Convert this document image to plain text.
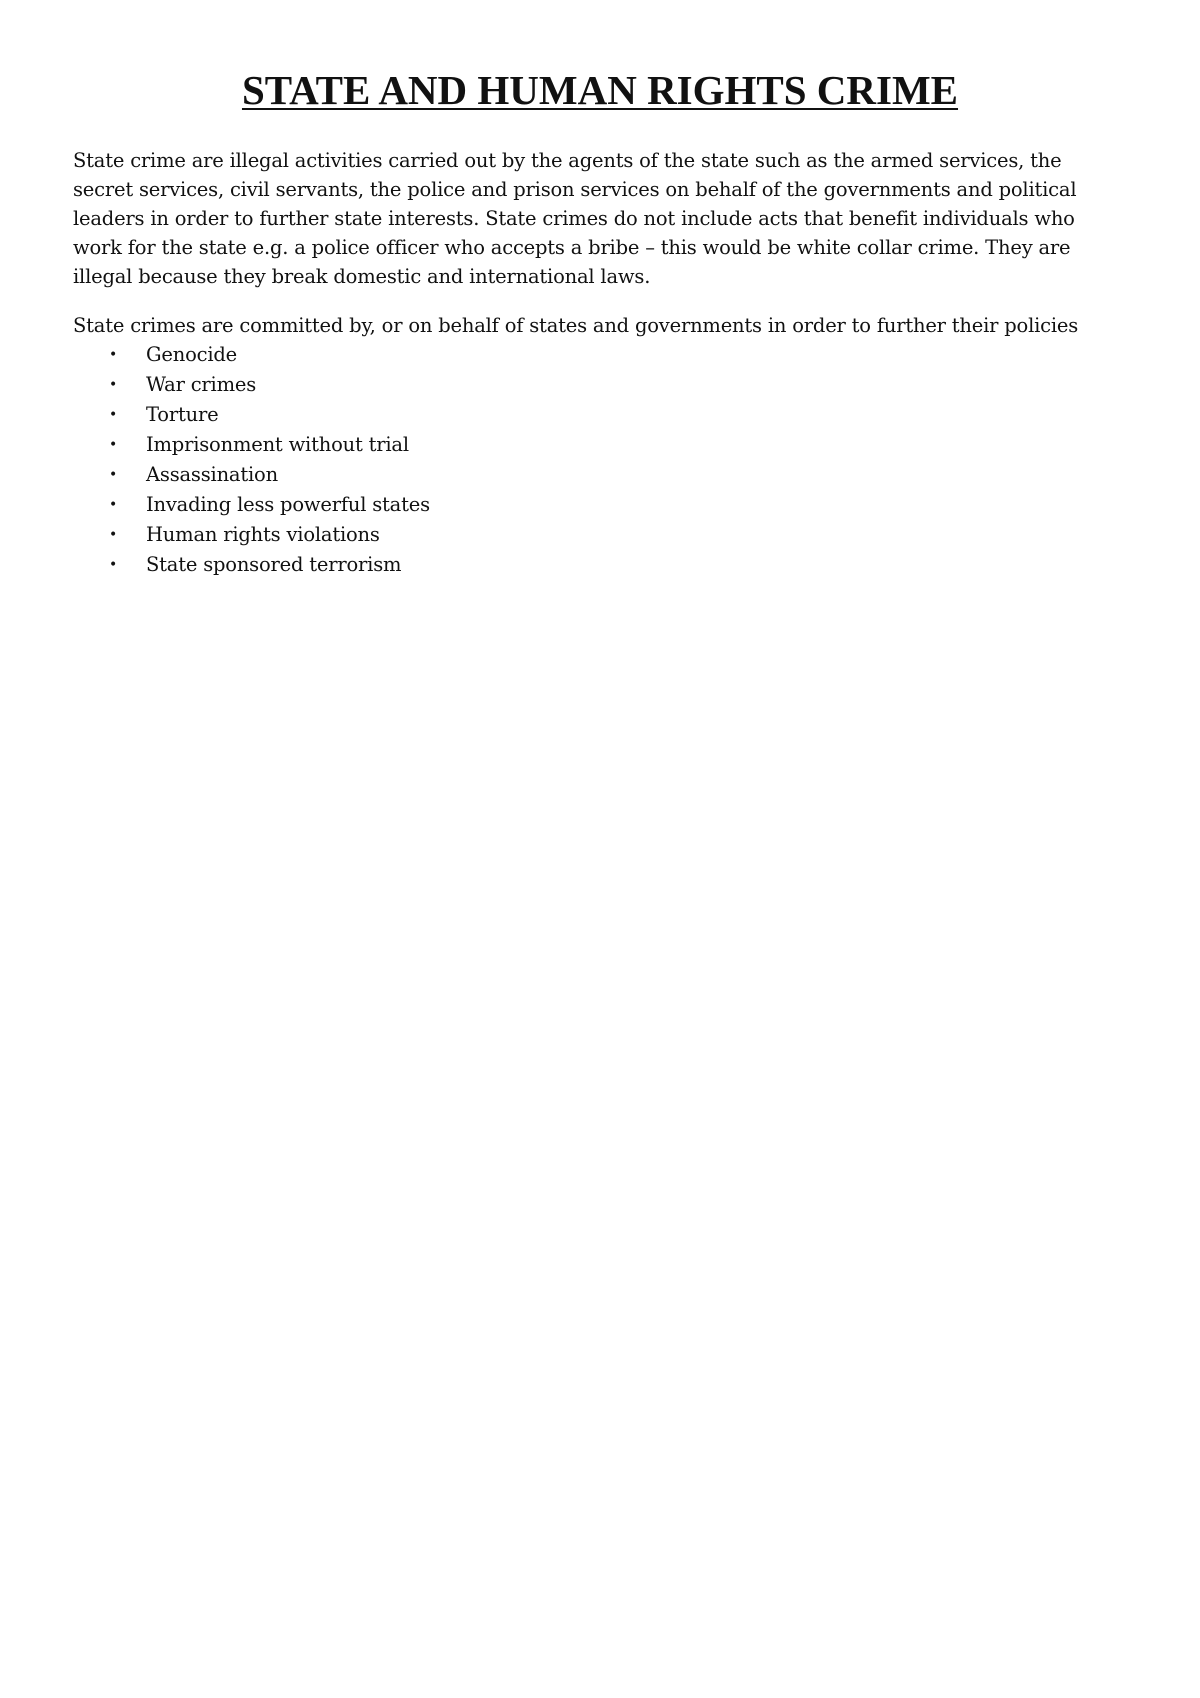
STATE AND HUMAN RIGHTS CRIME

State crime are illegal activities carried out by the agents of the state such as the armed services, the secret services, civil servants, the police and prison services on behalf of the governments and political leaders in order to further state interests. State crimes do not include acts that benefit individuals who work for the state e.g. a police officer who accepts a bribe – this would be white collar crime. They are illegal because they break domestic and international laws.

State crimes are committed by, or on behalf of states and governments in order to further their policies

• Genocide
• War crimes
• Torture
• Imprisonment without trial
• Assassination
• Invading less powerful states
• Human rights violations
• State sponsored terrorism
